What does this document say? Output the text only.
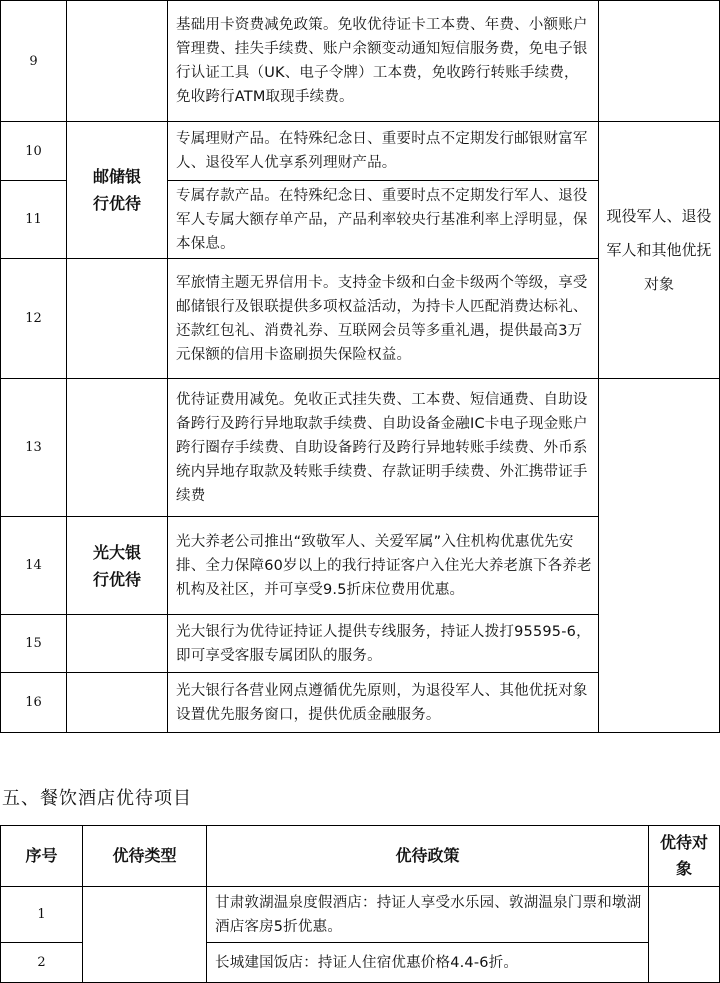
9		基础用卡资费减免政策。免收优待证卡工本费、年费、小额账户管理费、挂失手续费、账户余额变动通知短信服务费，免电子银行认证工具（UK、电子令牌）工本费，免收跨行转账手续费，免收跨行ATM取现手续费。	
10	邮储银行优待	专属理财产品。在特殊纪念日、重要时点不定期发行邮银财富军人、退役军人优享系列理财产品。	现役军人、退役军人和其他优抚对象
11		专属存款产品。在特殊纪念日、重要时点不定期发行军人、退役军人专属大额存单产品，产品利率较央行基准利率上浮明显，保本保息。	
12		军旅情主题无界信用卡。支持金卡级和白金卡级两个等级，享受邮储银行及银联提供多项权益活动，为持卡人匹配消费达标礼、还款红包礼、消费礼券、互联网会员等多重礼遇，提供最高3万元保额的信用卡盗刷损失保险权益。	
13		优待证费用减免。免收正式挂失费、工本费、短信通费、自助设备跨行及跨行异地取款手续费、自助设备金融IC卡电子现金账户跨行圈存手续费、自助设备跨行及跨行异地转账手续费、外币系统内异地存取款及转账手续费、存款证明手续费、外汇携带证手续费	
14	光大银行优待	光大养老公司推出“致敬军人、关爱军属”入住机构优惠优先安排、全力保障60岁以上的我行持证客户入住光大养老旗下各养老机构及社区，并可享受9.5折床位费用优惠。	
15		光大银行为优待证持证人提供专线服务，持证人拨打95595-6，即可享受客服专属团队的服务。	
16		光大银行各营业网点遵循优先原则，为退役军人、其他优抚对象设置优先服务窗口，提供优质金融服务。	
五、餐饮酒店优待项目
序号	优待类型	优待政策	优待对象

1		甘肃敦湖温泉度假酒店：持证人享受水乐园、敦湖温泉门票和墩湖酒店客房5折优惠。	
2		长城建国饭店：持证人住宿优惠价格4.4-6折。	
